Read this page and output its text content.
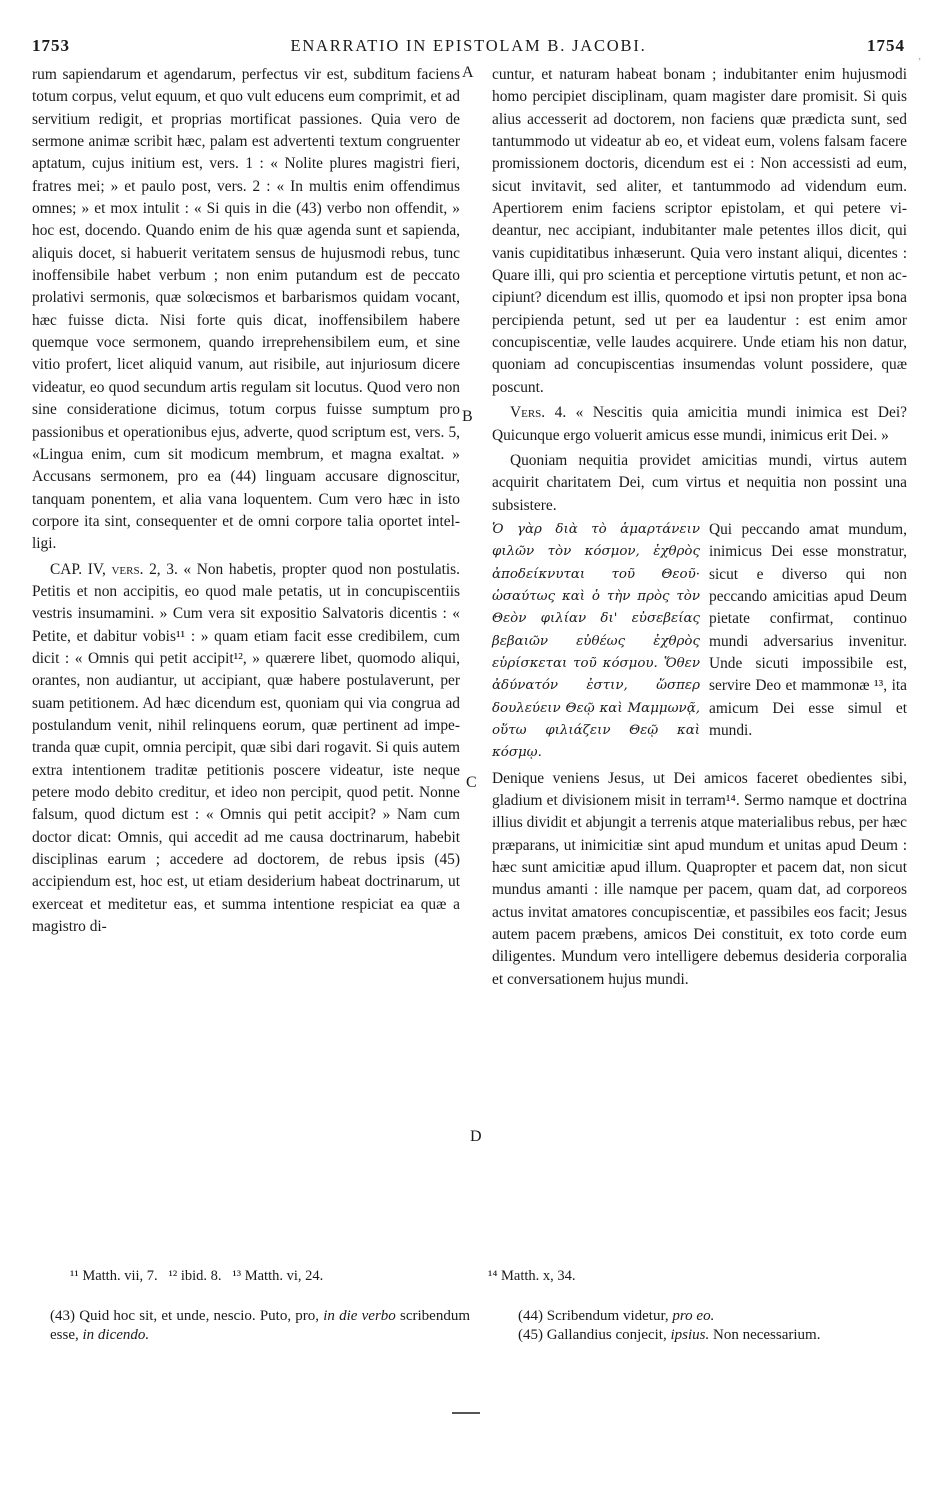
1753	ENARRATIO IN EPISTOLAM B. JACOBI.	1754
,
A
B
C
D

rum sapiendarum et agendarum, perfectus vir est, subditum faciens totum corpus, velut equum, et quo vult educens eum comprimit, et ad servitium redigit, et proprias mortificat passiones. Quia vero de sermone animæ scribit hæc, palam est advertenti textum congruenter aptatum, cujus initium est, vers. 1 : « Nolite plures magistri fieri, fratres mei; » et paulo post, vers. 2 : « In multis enim offendimus omnes; » et mox intulit : « Si quis in die (43) verbo non offendit, » hoc est, docendo. Quando enim de his quæ agenda sunt et sapienda, aliquis docet, si habuerit veritatem sensus de hujusmodi rebus, tunc inoffensibile habet verbum ; non enim putandum est de peccato prolativi sermonis, quæ solœcismos et barbarismos quidam vocant, hæc fuisse dicta. Nisi forte quis dicat, inoffensibilem habere quemque voce sermonem, quando irreprehensibilem eum, et sine vitio profert, licet aliquid vanum, aut risibile, aut injuriosum dicere videatur, eo quod secundum artis regulam sit locutus. Quod vero non sine consideratione dicimus, totum corpus fuisse sumptum pro passionibus et operationibus ejus, adverte, quod scriptum est, vers. 5, «Lingua enim, cum sit modicum membrum, et magna exaltat. » Accusans sermonem, pro ea (44) linguam accusare dignoscitur, tanquam ponentem, et alia vana loquentem. Cum vero hæc in isto corpore ita sint, consequenter et de omni corpore talia oportet intelligi.

CAP. IV, vers. 2, 3. « Non habetis, propter quod non postulatis. Petitis et non accipitis, eo quod male petatis, ut in concupiscentiis vestris insumamini. » Cum vera sit expositio Salvatoris dicentis : « Petite, et dabitur vobis¹¹ : » quam etiam facit esse credibilem, cum dicit : « Omnis qui petit accipit¹², » quærere libet, quomodo aliqui, orantes, non audiantur, ut accipiant, quæ habere postulaverunt, per suam petitionem. Ad hæc dicendum est, quoniam qui via congrua ad postulandum venit, nihil relinquens eorum, quæ pertinent ad impetranda quæ cupit, omnia percipit, quæ sibi dari rogavit. Si quis autem extra intentionem traditæ petitionis poscere videatur, iste neque petere modo debito creditur, et ideo non percipit, quod petit. Nonne falsum, quod dictum est : « Omnis qui petit accipit? » Nam cum doctor dicat: Omnis, qui accedit ad me causa doctrinarum, habebit disciplinas earum ; accedere ad doctorem, de rebus ipsis (45) accipiendum est, hoc est, ut etiam desiderium habeat doctrinarum, ut exerceat et meditetur eas, et summa intentione respiciat ea quæ a magistro di-

cuntur, et naturam habeat bonam ; indubitanter enim hujusmodi homo percipiet disciplinam, quam magister dare promisit. Si quis alius accesserit ad doctorem, non faciens quæ prædicta sunt, sed tantummodo ut videatur ab eo, et videat eum, volens falsam facere promissionem doctoris, dicendum est ei : Non accessisti ad eum, sicut invitavit, sed aliter, et tantummodo ad videndum eum. Apertiorem enim faciens scriptor epistolam, et qui petere videantur, nec accipiant, indubitanter male petentes illos dicit, qui vanis cupiditatibus inhæserunt. Quia vero instant aliqui, dicentes : Quare illi, qui pro scientia et perceptione virtutis petunt, et non accipiunt? dicendum est illis, quomodo et ipsi non propter ipsa bona percipienda petunt, sed ut per ea laudentur : est enim amor concupiscentiæ, velle laudes acquirere. Unde etiam his non datur, quoniam ad concupiscentias insumendas volunt possidere, quæ poscunt.

Vers. 4. « Nescitis quia amicitia mundi inimica est Dei? Quicunque ergo voluerit amicus esse mundi, inimicus erit Dei. »

Quoniam nequitia providet amicitias mundi, virtus autem acquirit charitatem Dei, cum virtus et nequitia non possint una subsistere.

Ὁ γὰρ διὰ τὸ ἁμαρτάνειν φιλῶν τὸν κόσμον, ἐχθρὸς ἀποδείκνυται τοῦ Θεοῦ· ὡσαύτως καὶ ὁ τὴν πρὸς τὸν Θεὸν φιλίαν δι' εὐσεβείας βεβαιῶν εὐθέως ἐχθρὸς εὑρίσκεται τοῦ κόσμου. Ὅθεν ἀδύνατόν ἐστιν, ὥσπερ δουλεύειν Θεῷ καὶ Μαμμωνᾷ, οὕτω φιλιάζειν Θεῷ καὶ κόσμῳ.
Qui peccando amat mundum, inimicus Dei esse monstratur, sicut e diverso qui non peccando amicitias apud Deum pietate confirmat, continuo mundi adversarius invenitur. Unde sicuti impossibile est, servire Deo et mammonæ ¹³, ita amicum Dei esse simul et mundi.

Denique veniens Jesus, ut Dei amicos faceret obedientes sibi, gladium et divisionem misit in terram¹⁴. Sermo namque et doctrina illius dividit et abjungit a terrenis atque materialibus rebus, per hæc præparans, ut inimicitiæ sint apud mundum et unitas apud Deum : hæc sunt amicitiæ apud illum. Quapropter et pacem dat, non sicut mundus amanti : ille namque per pacem, quam dat, ad corporeos actus invitat amatores concupiscentiæ, et passibiles eos facit; Jesus autem pacem præbens, amicos Dei constituit, ex toto corde eum diligentes. Mundum vero intelligere debemus desideria corporalia et conversationem hujus mundi.

¹¹ Matth. vii, 7.   ¹² ibid. 8.   ¹³ Matth. vi, 24.	¹⁴ Matth. x, 34.

(43) Quid hoc sit, et unde, nescio. Puto, pro, in die verbo scribendum esse, in dicendo.

(44) Scribendum videtur, pro eo.

(45) Gallandius conjecit, ipsius. Non necessarium.
